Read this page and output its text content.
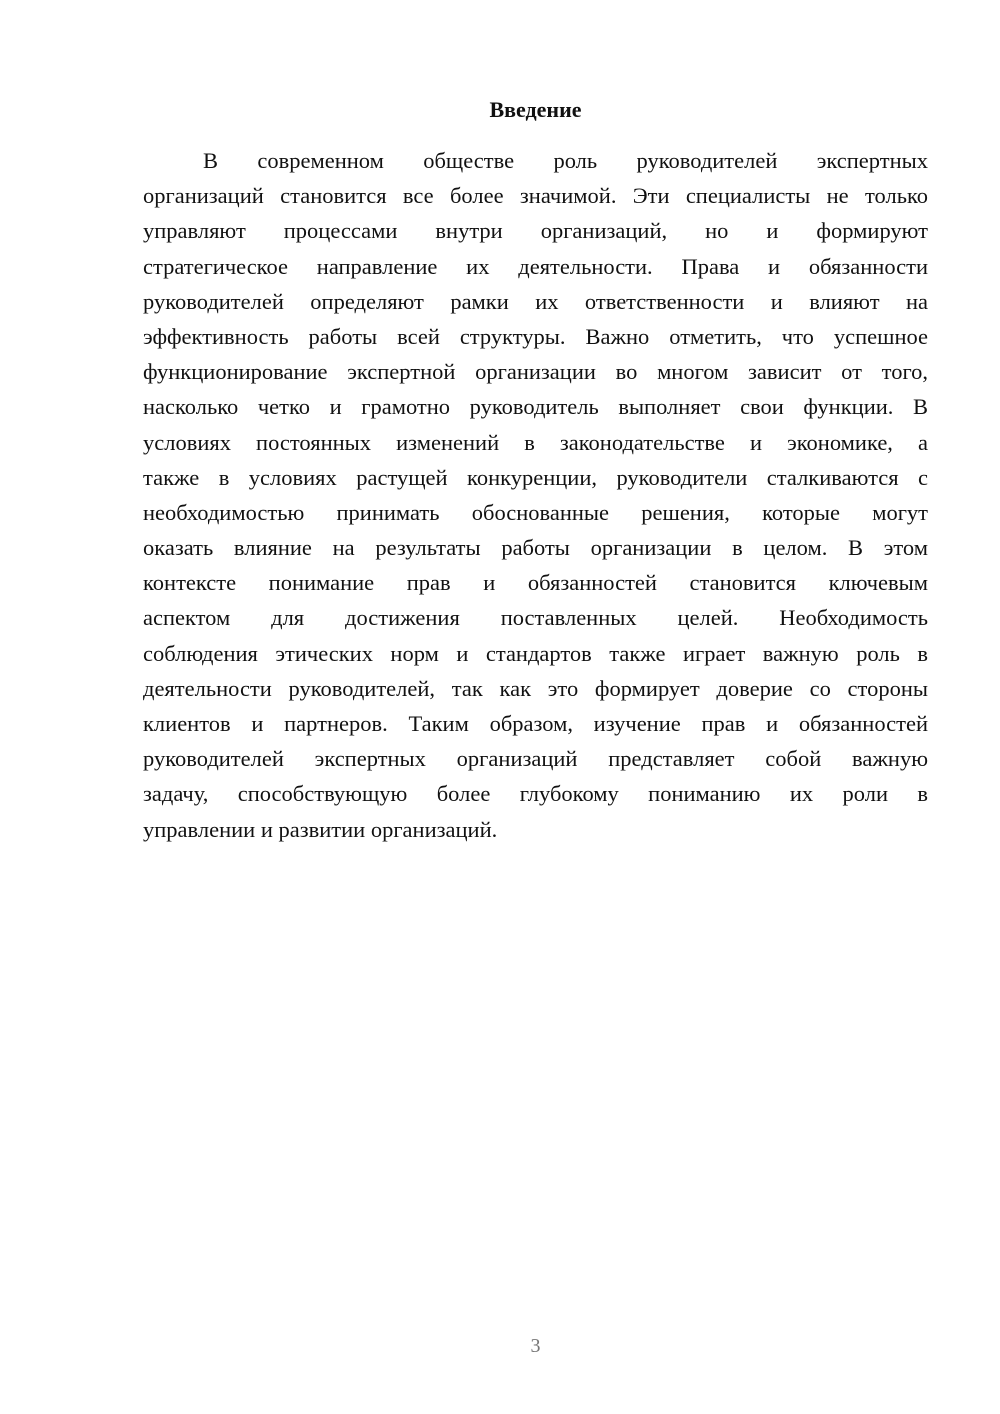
Введение
В современном обществе роль руководителей экспертных
организаций становится все более значимой. Эти специалисты не только
управляют процессами внутри организаций, но и формируют
стратегическое направление их деятельности. Права и обязанности
руководителей определяют рамки их ответственности и влияют на
эффективность работы всей структуры. Важно отметить, что успешное
функционирование экспертной организации во многом зависит от того,
насколько четко и грамотно руководитель выполняет свои функции. В
условиях постоянных изменений в законодательстве и экономике, а
также в условиях растущей конкуренции, руководители сталкиваются с
необходимостью принимать обоснованные решения, которые могут
оказать влияние на результаты работы организации в целом. В этом
контексте понимание прав и обязанностей становится ключевым
аспектом для достижения поставленных целей. Необходимость
соблюдения этических норм и стандартов также играет важную роль в
деятельности руководителей, так как это формирует доверие со стороны
клиентов и партнеров. Таким образом, изучение прав и обязанностей
руководителей экспертных организаций представляет собой важную
задачу, способствующую более глубокому пониманию их роли в
управлении и развитии организаций.
3
